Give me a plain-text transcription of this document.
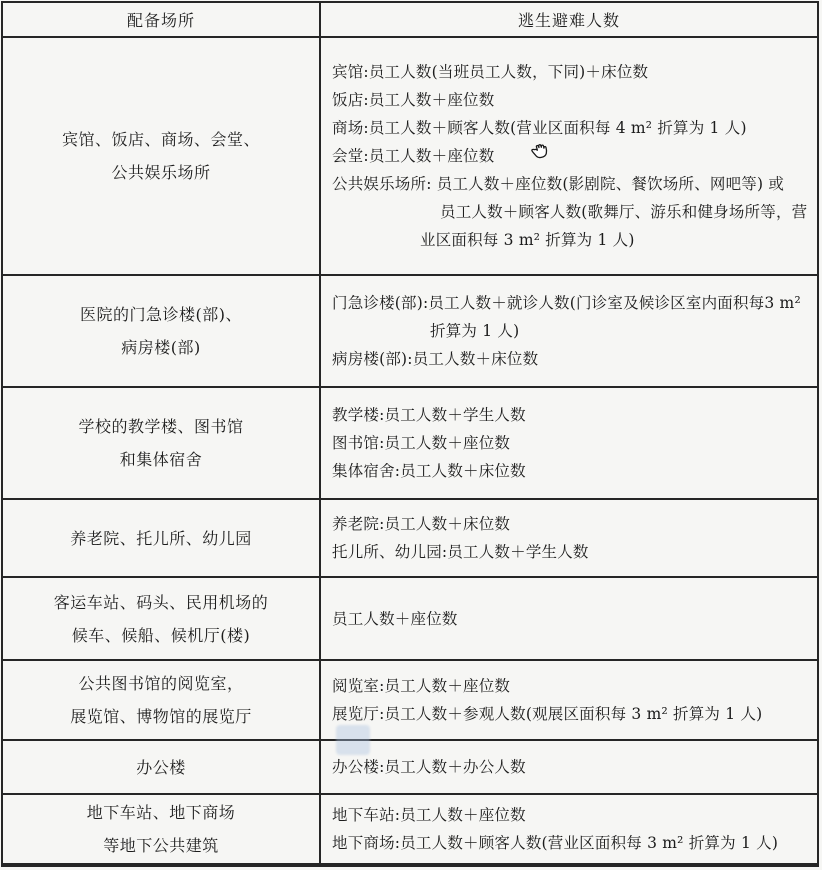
配备场所	逃生避难人数
宾馆、饭店、商场、会堂、
公共娱乐场所
宾馆:员工人数(当班员工人数，下同)＋床位数
饭店:员工人数＋座位数
商场:员工人数＋顾客人数(营业区面积每 4 m² 折算为 1 人)
会堂:员工人数＋座位数
公共娱乐场所: 员工人数＋座位数(影剧院、餐饮场所、网吧等) 或
员工人数＋顾客人数(歌舞厅、游乐和健身场所等，营
业区面积每 3 m² 折算为 1 人)
医院的门急诊楼(部)、
病房楼(部)
门急诊楼(部):员工人数＋就诊人数(门诊室及候诊区室内面积每3 m²
折算为 1 人)
病房楼(部):员工人数＋床位数
学校的教学楼、图书馆
和集体宿舍
教学楼:员工人数＋学生人数
图书馆:员工人数＋座位数
集体宿舍:员工人数＋床位数
养老院、托儿所、幼儿园
养老院:员工人数＋床位数
托儿所、幼儿园:员工人数＋学生人数
客运车站、码头、民用机场的
候车、候船、候机厅(楼)
员工人数＋座位数
公共图书馆的阅览室，
展览馆、博物馆的展览厅
阅览室:员工人数＋座位数
展览厅:员工人数＋参观人数(观展区面积每 3 m² 折算为 1 人)
办公楼	办公楼:员工人数＋办公人数
地下车站、地下商场
等地下公共建筑
地下车站:员工人数＋座位数
地下商场:员工人数＋顾客人数(营业区面积每 3 m² 折算为 1 人)
